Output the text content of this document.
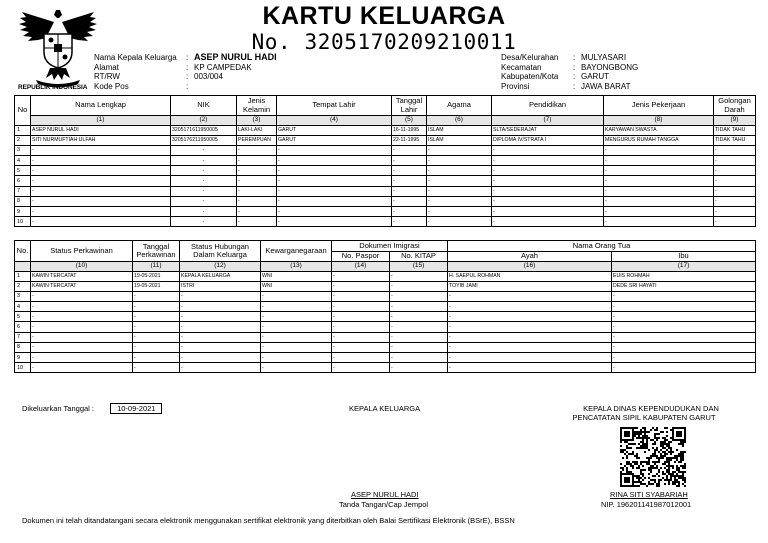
REPUBLIK INDONESIA
KARTU KELUARGA
No. 3205170209210011
Nama Kepala Keluarga	: ASEP NURUL HADI
Alamat	: KP CAMPEDAK
RT/RW	: 003/004
Kode Pos	:
Desa/Kelurahan	: MULYASARI
Kecamatan	: BAYONGBONG
Kabupaten/Kota	: GARUT
Provinsi	: JAWA BARAT
No	Nama Lengkap	NIK	Jenis Kelamin	Tempat Lahir	Tanggal Lahir	Agama	Pendidikan	Jenis Pekerjaan	Golongan Darah
	(1)	(2)	(3)	(4)	(5)	(6)	(7)	(8)	(9)
1	ASEP NURUL HADI	3205171611950005	LAKI-LAKI	GARUT	16-11-1995	ISLAM	SLTA/SEDERAJAT	KARYAWAN SWASTA	TIDAK TAHU
2	SITI NURMUFTIAH ULFAH	3205176211950005	PEREMPUAN	GARUT	22-11-1995	ISLAM	DIPLOMA IV/STRATA I	MENGURUS RUMAH TANGGA	TIDAK TAHU
3	-	-	-	-	-	-	-	-	-
4	-	-	-	-	-	-	-	-	-
5	-	-	-	-	-	-	-	-	-
6	-	-	-	-	-	-	-	-	-
7	-	-	-	-	-	-	-	-	-
8	-	-	-	-	-	-	-	-	-
9	-	-	-	-	-	-	-	-	-
10	-	-	-	-	-	-	-	-	-
No.	Status Perkawinan	Tanggal Perkawinan	Status Hubungan Dalam Keluarga	Kewarganegaraan	Dokumen Imigrasi		Nama Orang Tua	
					No. Paspor	No. KITAP	Ayah	Ibu
	(10)	(11)	(12)	(13)	(14)	(15)	(16)	(17)
1	KAWIN TERCATAT	19-05-2021	KEPALA KELUARGA	WNI	-	-	H. SAEPUL ROHMAN	EUIS ROHMAH
2	KAWIN TERCATAT	19-05-2021	ISTRI	WNI	-	-	TOYIB JAMI	DEDE SRI HAYATI
3	-	-	-	-	-	-	-	-
4	-	-	-	-	-	-	-	-
5	-	-	-	-	-	-	-	-
6	-	-	-	-	-	-	-	-
7	-	-	-	-	-	-	-	-
8	-	-	-	-	-	-	-	-
9	-	-	-	-	-	-	-	-
10	-	-	-	-	-	-	-	-
Dikeluarkan Tanggal :	10-09-2021	KEPALA KELUARGA	KEPALA DINAS KEPENDUDUKAN DAN
PENCATATAN SIPIL KABUPATEN GARUT
ASEP NURUL HADI
Tanda Tangan/Cap Jempol
RINA SITI SYABARIAH
NIP. 196201141987012001
Dokumen ini telah ditandatangani secara elektronik menggunakan sertifikat elektronik yang diterbitkan oleh Balai Sertifikasi Elektronik (BSrE), BSSN
